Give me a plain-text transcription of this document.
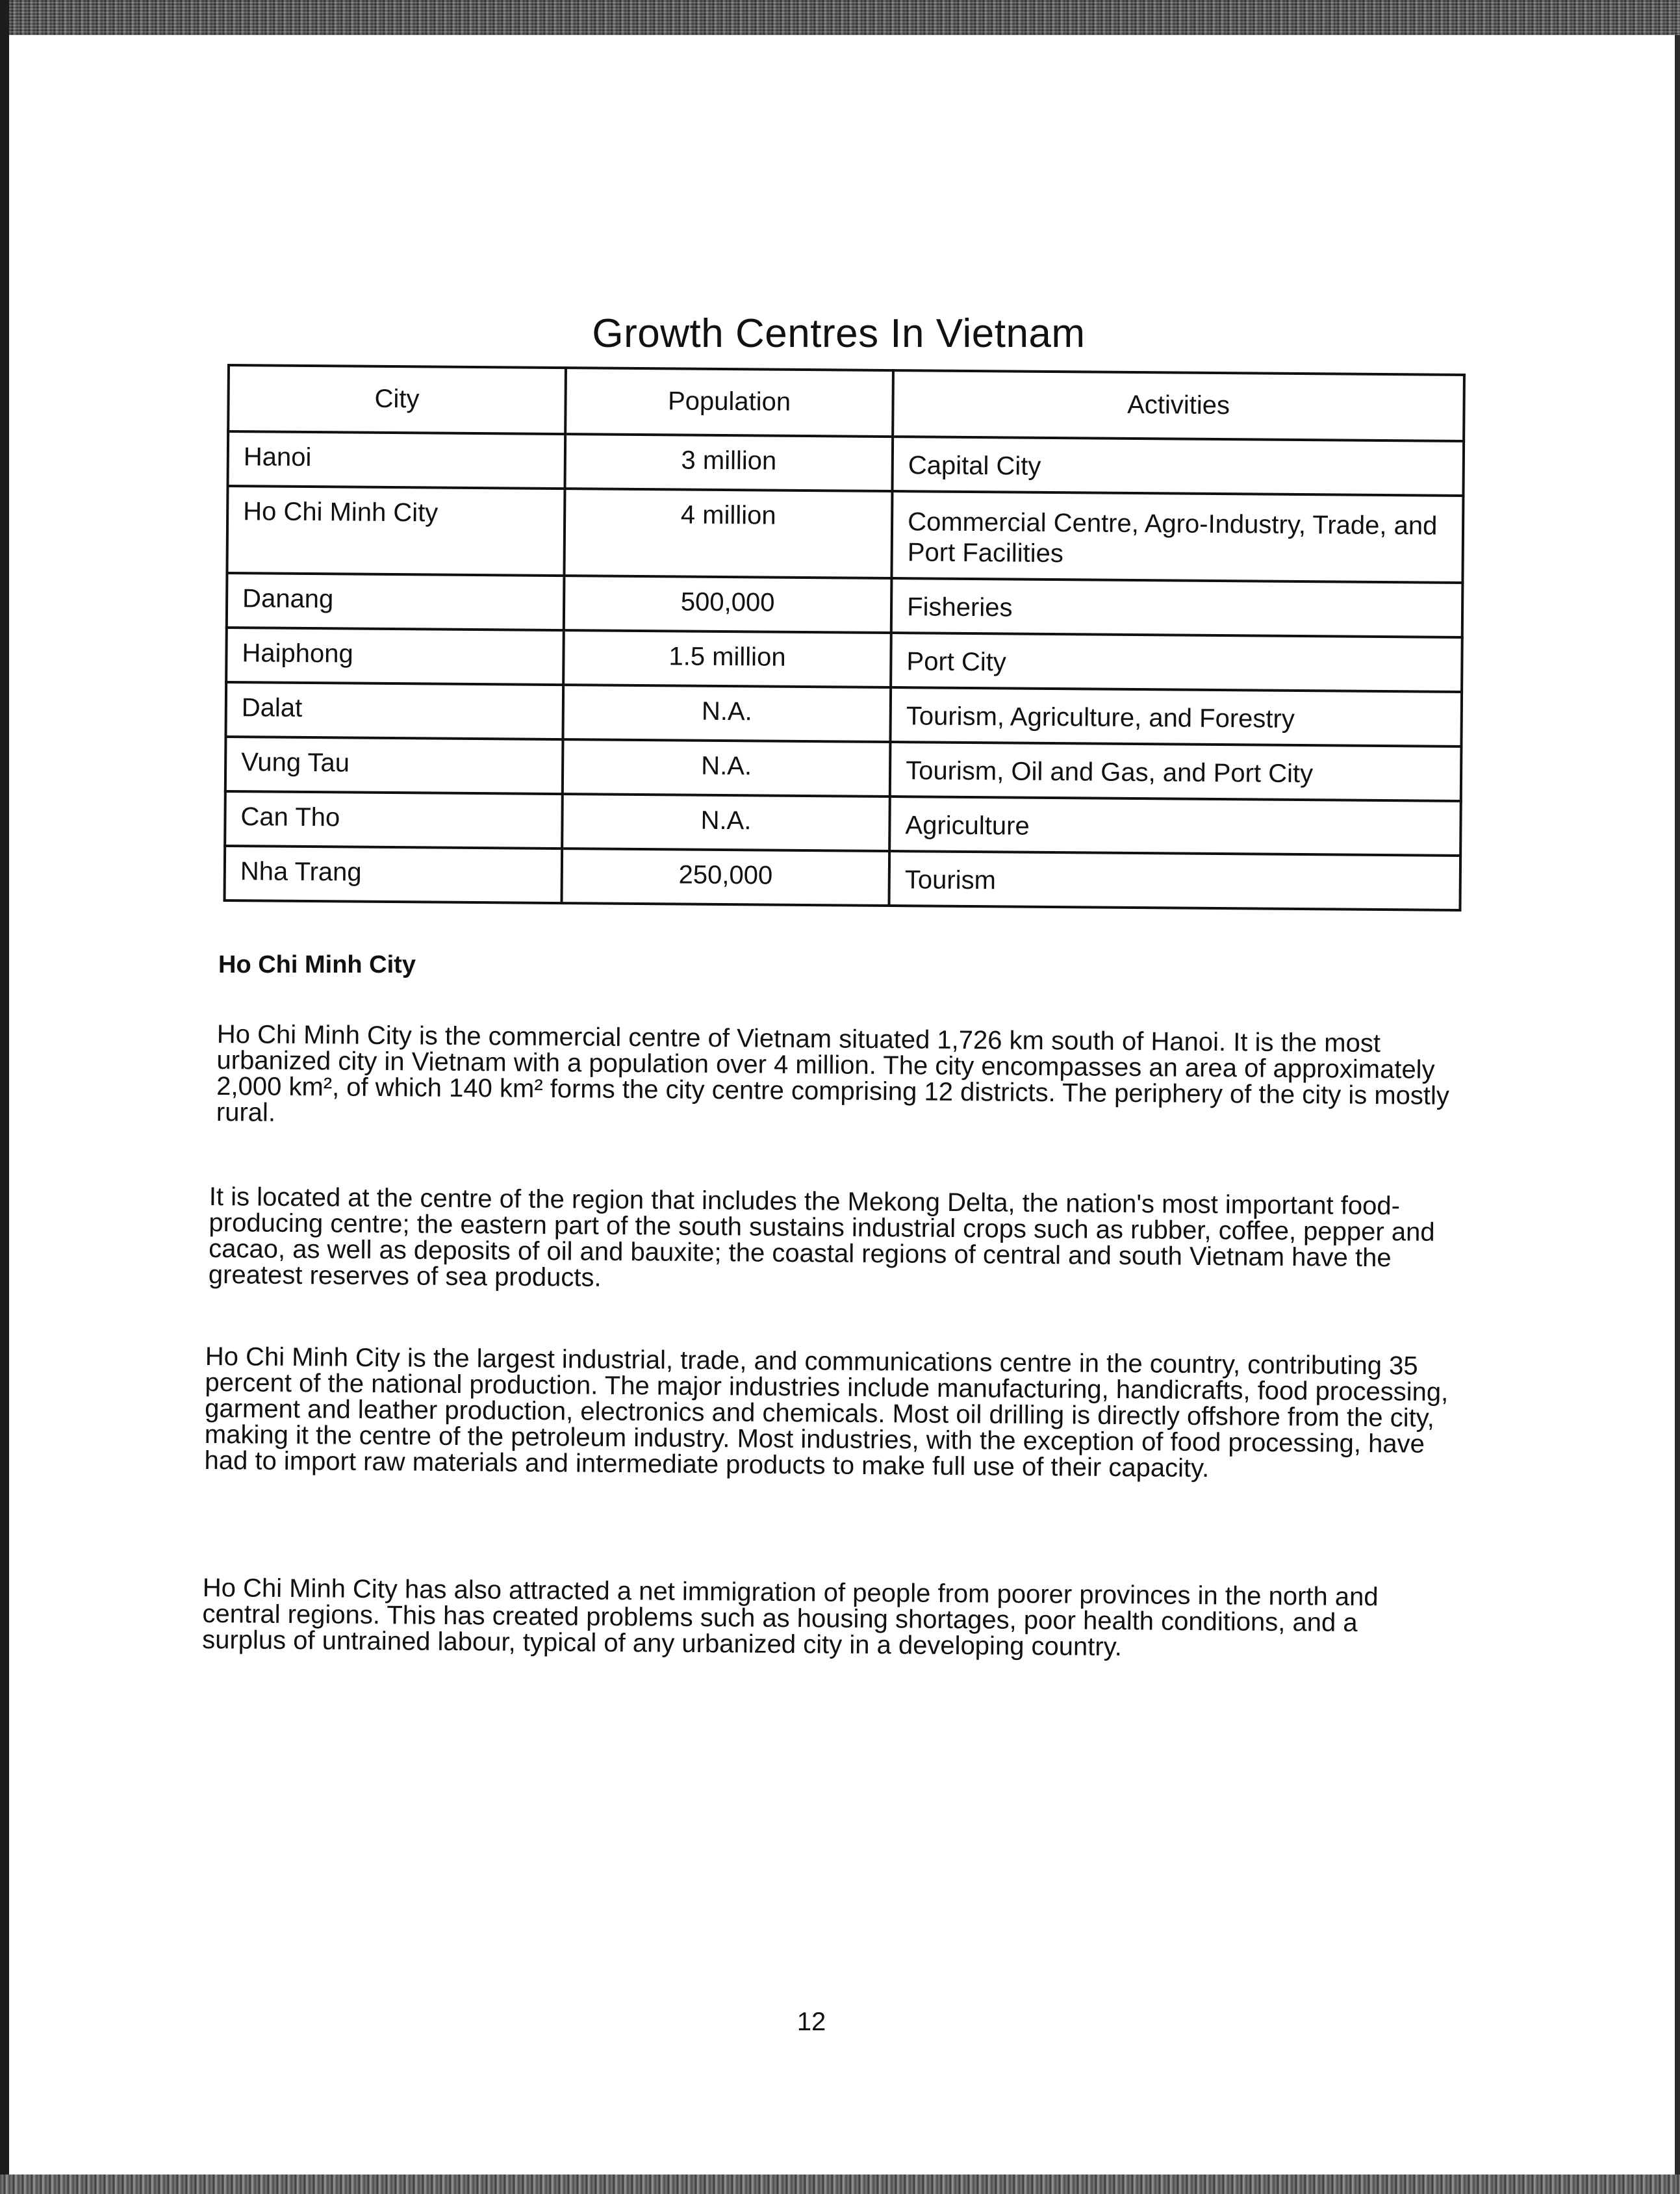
Growth Centres In Vietnam
City	Population	Activities
Hanoi	3 million	Capital City
Ho Chi Minh City	4 million	Commercial Centre, Agro-Industry, Trade, and Port Facilities
Danang	500,000	Fisheries
Haiphong	1.5 million	Port City
Dalat	N.A.	Tourism, Agriculture, and Forestry
Vung Tau	N.A.	Tourism, Oil and Gas, and Port City
Can Tho	N.A.	Agriculture
Nha Trang	250,000	Tourism
Ho Chi Minh City
Ho Chi Minh City is the commercial centre of Vietnam situated 1,726 km south of Hanoi. It is the most urbanized city in Vietnam with a population over 4 million. The city encompasses an area of approximately 2,000 km², of which 140 km² forms the city centre comprising 12 districts. The periphery of the city is mostly rural.
It is located at the centre of the region that includes the Mekong Delta, the nation's most important food-producing centre; the eastern part of the south sustains industrial crops such as rubber, coffee, pepper and cacao, as well as deposits of oil and bauxite; the coastal regions of central and south Vietnam have the greatest reserves of sea products.
Ho Chi Minh City is the largest industrial, trade, and communications centre in the country, contributing 35 percent of the national production. The major industries include manufacturing, handicrafts, food processing, garment and leather production, electronics and chemicals. Most oil drilling is directly offshore from the city, making it the centre of the petroleum industry. Most industries, with the exception of food processing, have had to import raw materials and intermediate products to make full use of their capacity.
Ho Chi Minh City has also attracted a net immigration of people from poorer provinces in the north and central regions. This has created problems such as housing shortages, poor health conditions, and a surplus of untrained labour, typical of any urbanized city in a developing country.
12
